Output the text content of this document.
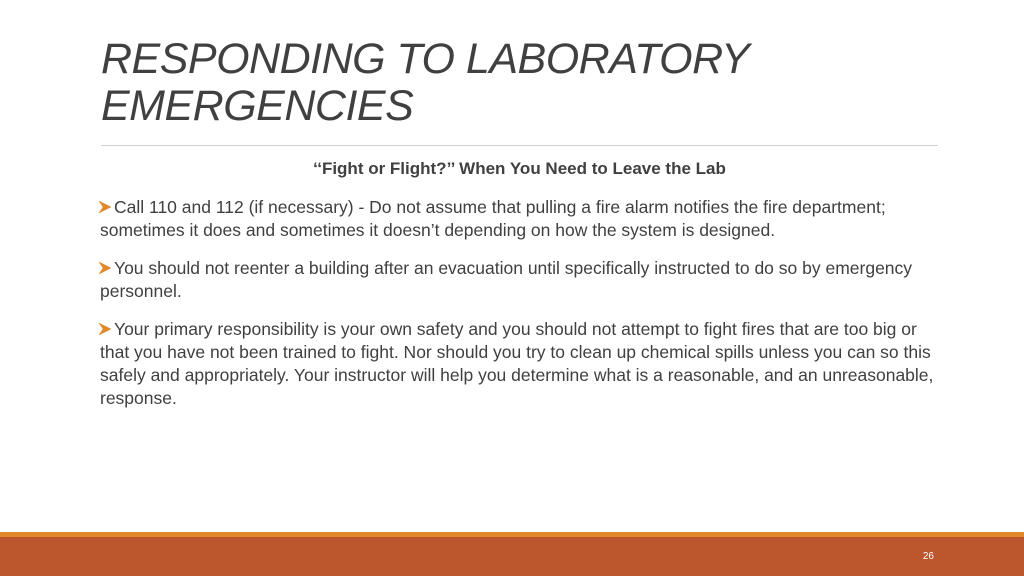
RESPONDING TO LABORATORY
EMERGENCIES
‘‘Fight or Flight?’’ When You Need to Leave the Lab
Call 110 and 112 (if necessary) - Do not assume that pulling a fire alarm notifies the fire department; sometimes it does and sometimes it doesn’t depending on how the system is designed.
You should not reenter a building after an evacuation until specifically instructed to do so by emergency personnel.
Your primary responsibility is your own safety and you should not attempt to fight fires that are too big or that you have not been trained to fight. Nor should you try to clean up chemical spills unless you can so this safely and appropriately. Your instructor will help you determine what is a reasonable, and an unreasonable, response.
26
